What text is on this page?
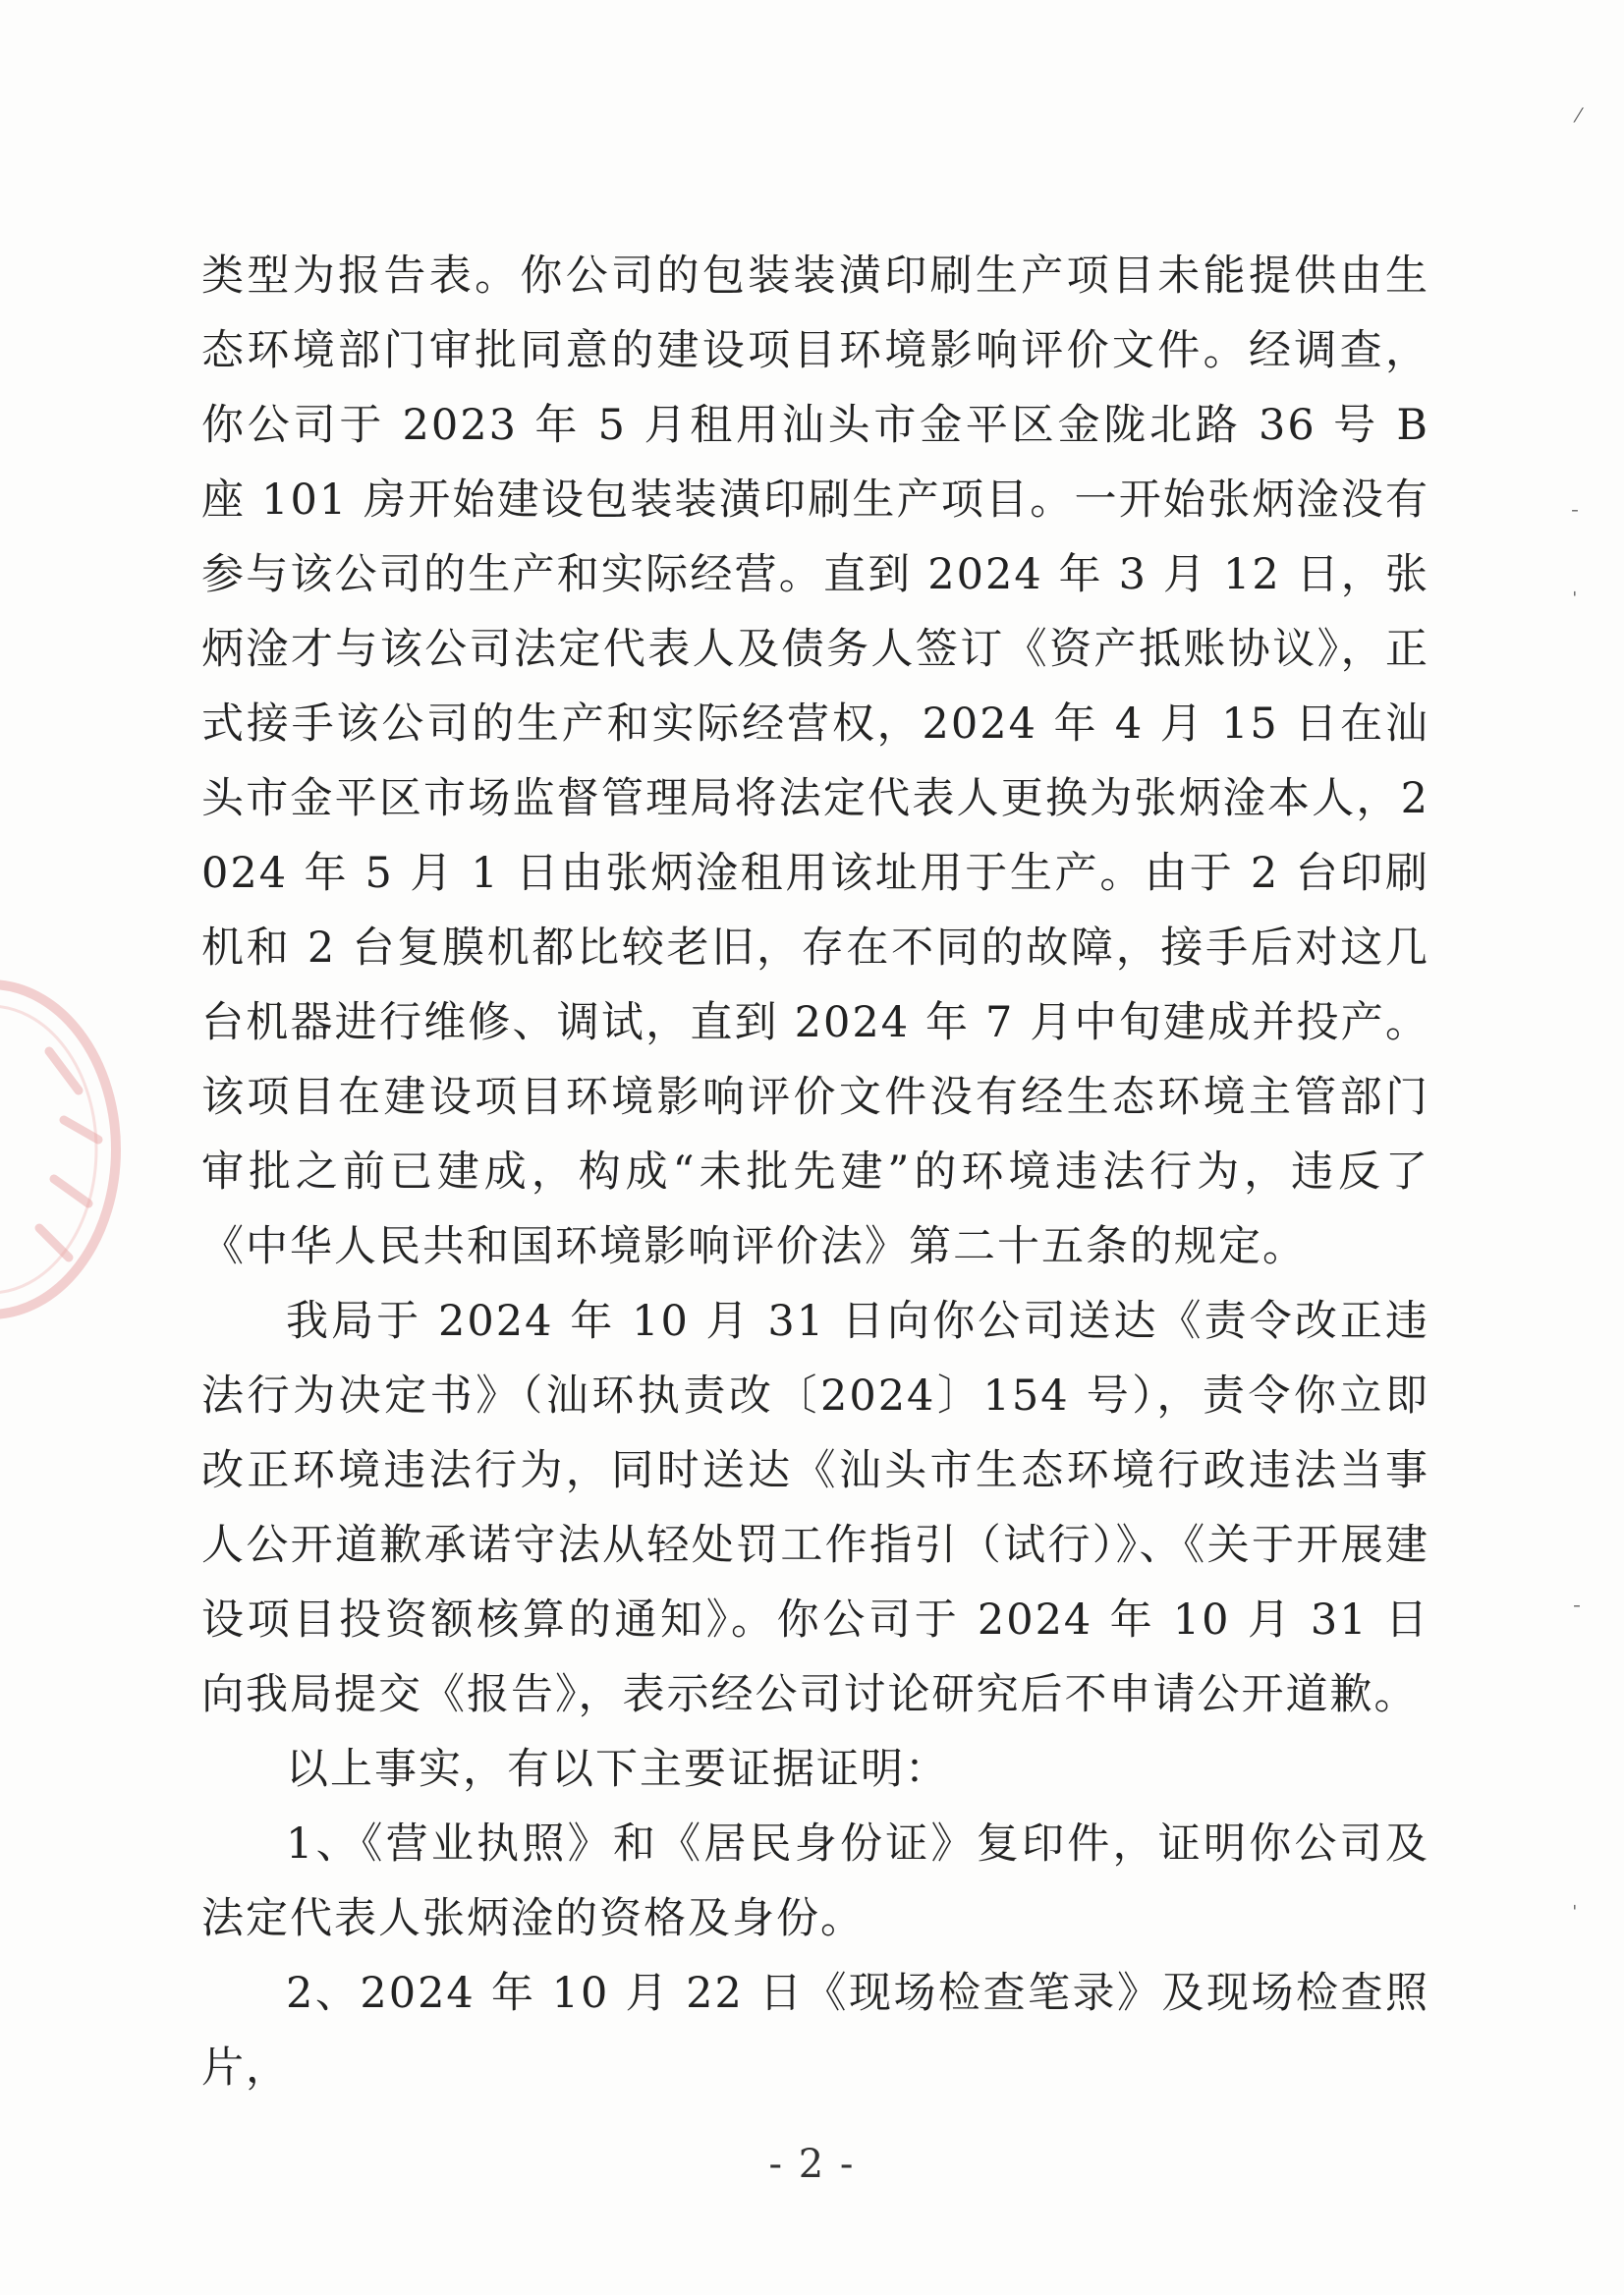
⁄
ˉ
ˈ
ˉ
ˈ

类型为报告表。你公司的包装装潢印刷生产项目未能提供由生态环境部门审批同意的建设项目环境影响评价文件。经调查，你公司于 2023 年 5 月租用汕头市金平区金陇北路 36 号 B 座 101 房开始建设包装装潢印刷生产项目。一开始张炳淦没有参与该公司的生产和实际经营。直到 2024 年 3 月 12 日，张炳淦才与该公司法定代表人及债务人签订《资产抵账协议》，正式接手该公司的生产和实际经营权，2024 年 4 月 15 日在汕头市金平区市场监督管理局将法定代表人更换为张炳淦本人，2024 年 5 月 1 日由张炳淦租用该址用于生产。由于 2 台印刷机和 2 台复膜机都比较老旧，存在不同的故障，接手后对这几台机器进行维修、调试，直到 2024 年 7 月中旬建成并投产。该项目在建设项目环境影响评价文件没有经生态环境主管部门审批之前已建成，构成“未批先建”的环境违法行为，违反了《中华人民共和国环境影响评价法》第二十五条的规定。

我局于 2024 年 10 月 31 日向你公司送达《责令改正违法行为决定书》（汕环执责改〔2024〕154 号），责令你立即改正环境违法行为，同时送达《汕头市生态环境行政违法当事人公开道歉承诺守法从轻处罚工作指引（试行）》、《关于开展建设项目投资额核算的通知》。你公司于 2024 年 10 月 31 日向我局提交《报告》，表示经公司讨论研究后不申请公开道歉。

以上事实，有以下主要证据证明：

1、《营业执照》和《居民身份证》复印件，证明你公司及法定代表人张炳淦的资格及身份。

2、2024 年 10 月 22 日《现场检查笔录》及现场检查照片，

- 2 -
